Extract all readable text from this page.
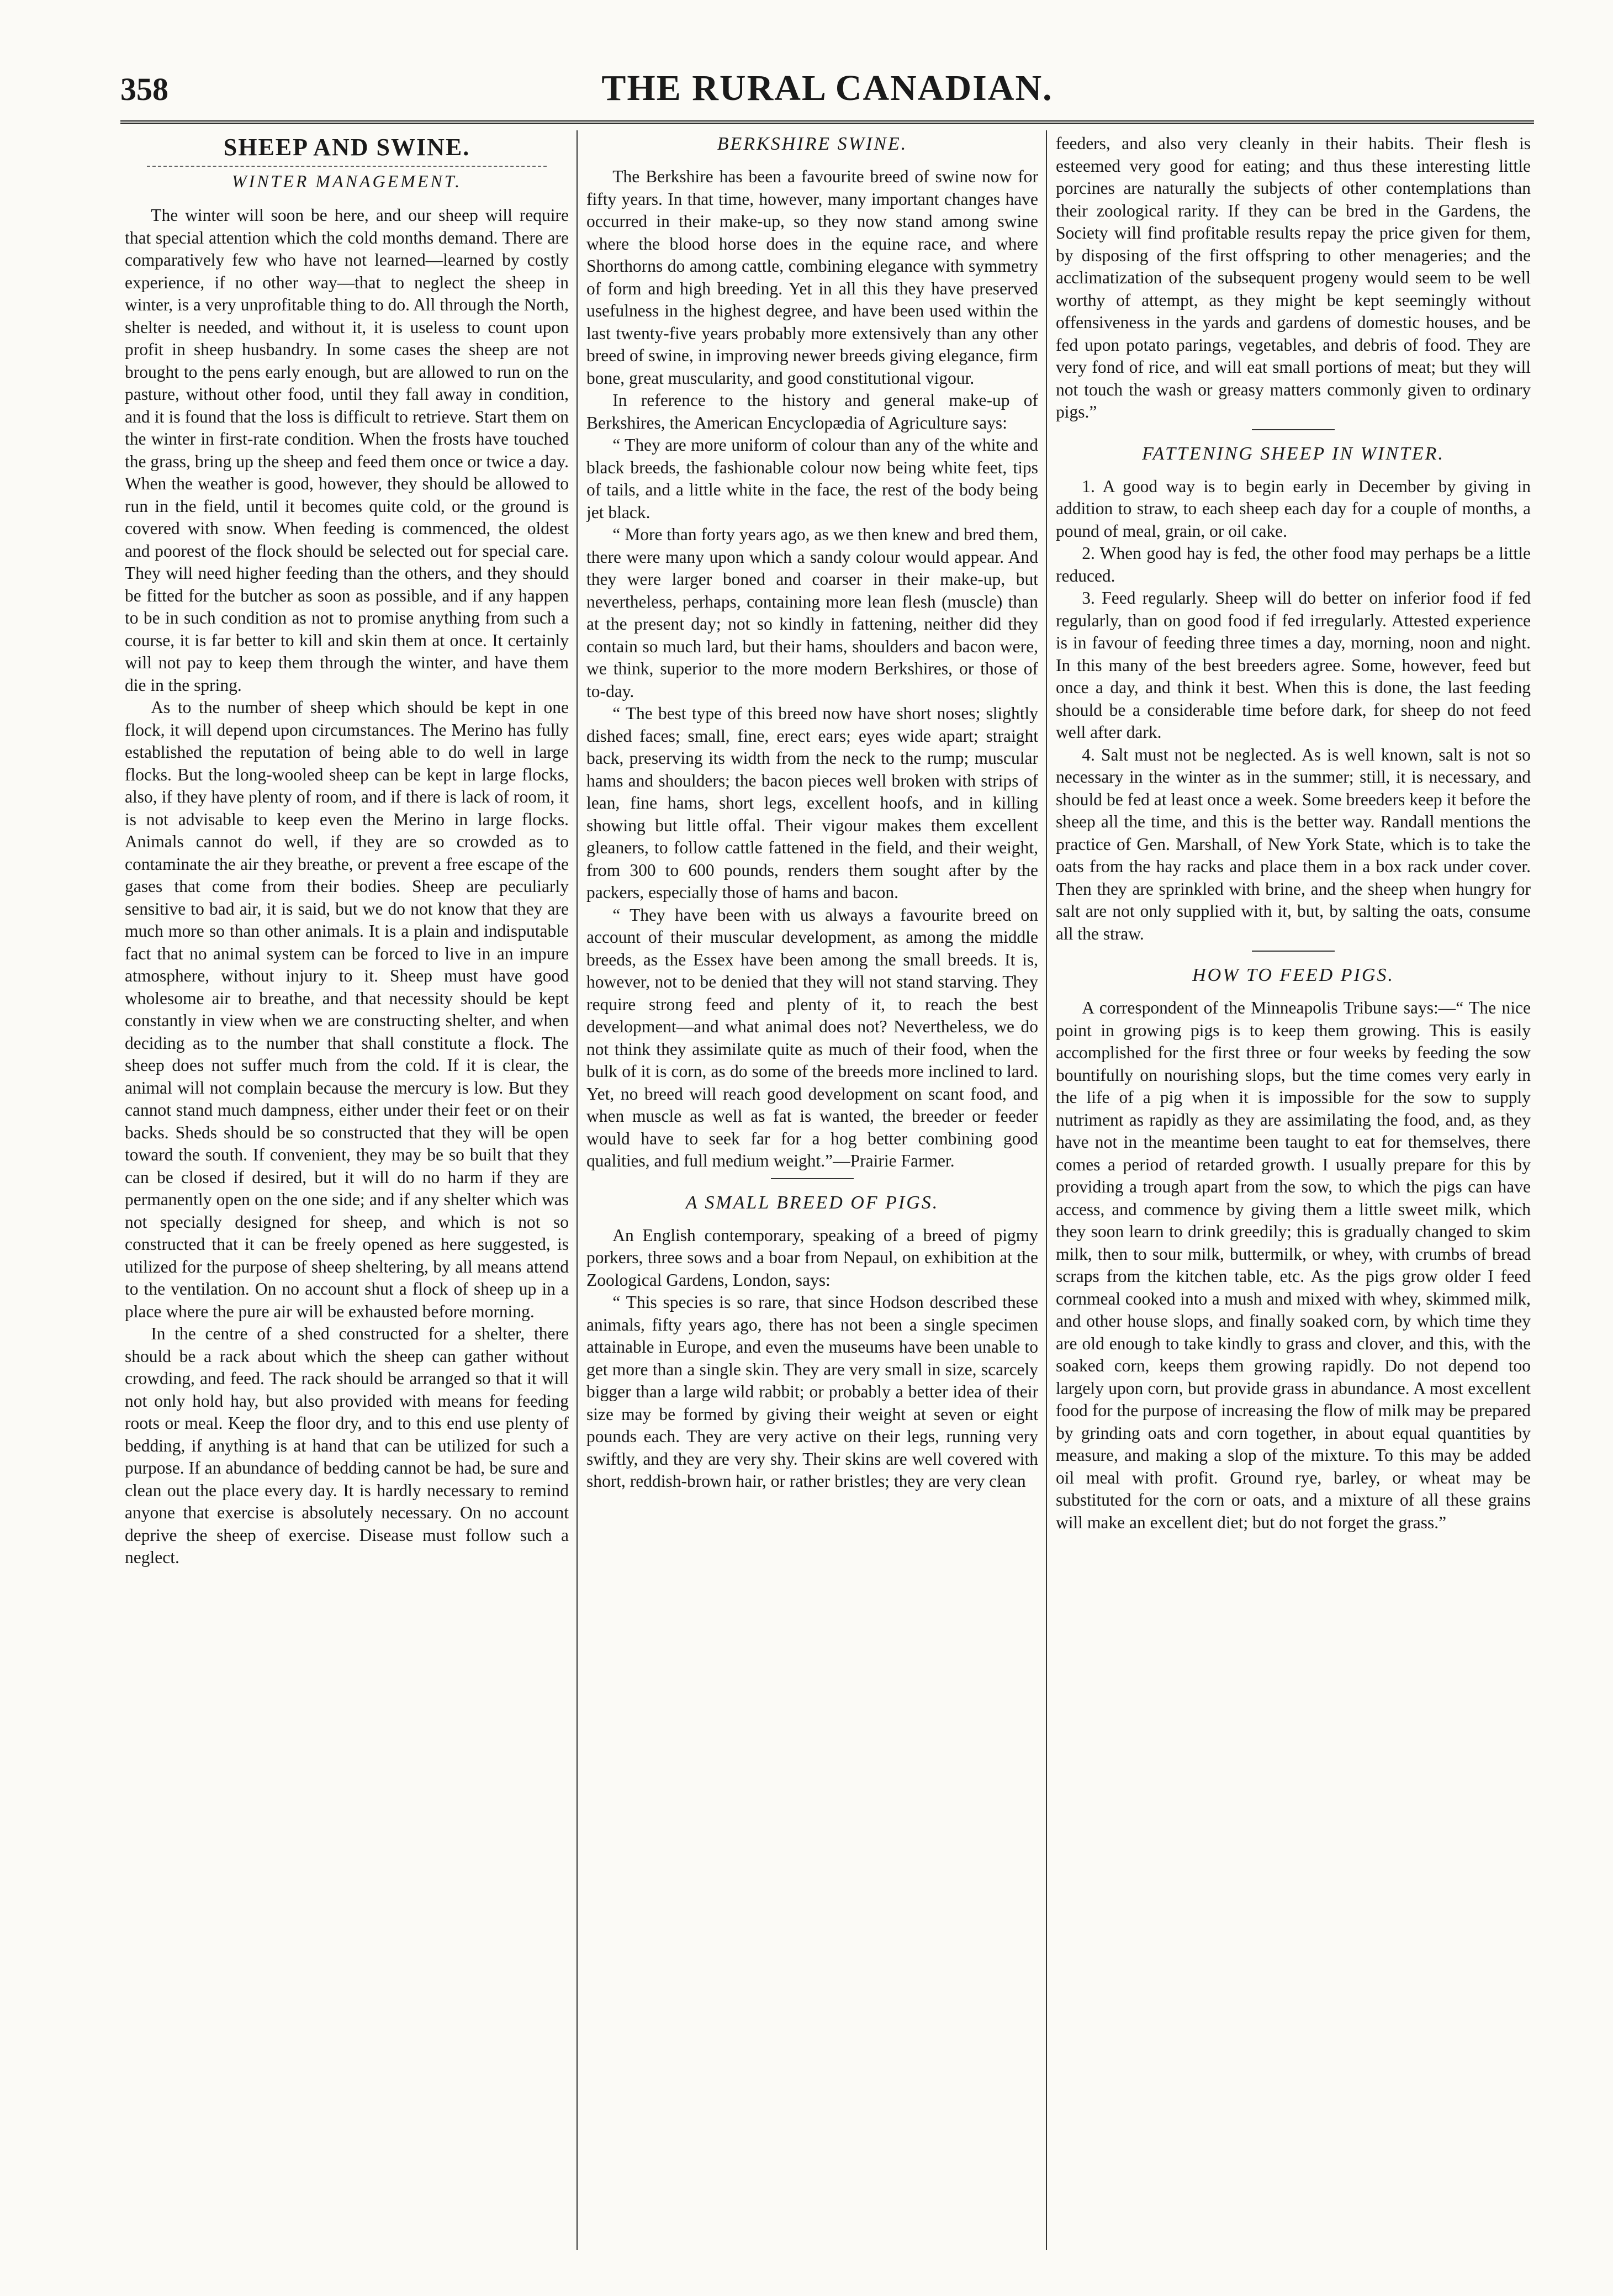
358	THE RURAL CANADIAN.
SHEEP AND SWINE.
WINTER MANAGEMENT.

The winter will soon be here, and our sheep will require that special attention which the cold months demand. There are comparatively few who have not learned—learned by costly experience, if no other way—that to neglect the sheep in winter, is a very unprofitable thing to do. All through the North, shelter is needed, and without it, it is useless to count upon profit in sheep husbandry. In some cases the sheep are not brought to the pens early enough, but are allowed to run on the pasture, without other food, until they fall away in condition, and it is found that the loss is difficult to retrieve. Start them on the winter in first-rate condition. When the frosts have touched the grass, bring up the sheep and feed them once or twice a day. When the weather is good, however, they should be allowed to run in the field, until it becomes quite cold, or the ground is covered with snow. When feeding is commenced, the oldest and poorest of the flock should be selected out for special care. They will need higher feeding than the others, and they should be fitted for the butcher as soon as possible, and if any happen to be in such condition as not to promise anything from such a course, it is far better to kill and skin them at once. It certainly will not pay to keep them through the winter, and have them die in the spring.

As to the number of sheep which should be kept in one flock, it will depend upon circumstances. The Merino has fully established the reputation of being able to do well in large flocks. But the long-wooled sheep can be kept in large flocks, also, if they have plenty of room, and if there is lack of room, it is not advisable to keep even the Merino in large flocks. Animals cannot do well, if they are so crowded as to contaminate the air they breathe, or prevent a free escape of the gases that come from their bodies. Sheep are peculiarly sensitive to bad air, it is said, but we do not know that they are much more so than other animals. It is a plain and indisputable fact that no animal system can be forced to live in an impure atmosphere, without injury to it. Sheep must have good wholesome air to breathe, and that necessity should be kept constantly in view when we are constructing shelter, and when deciding as to the number that shall constitute a flock. The sheep does not suffer much from the cold. If it is clear, the animal will not complain because the mercury is low. But they cannot stand much dampness, either under their feet or on their backs. Sheds should be so constructed that they will be open toward the south. If convenient, they may be so built that they can be closed if desired, but it will do no harm if they are permanently open on the one side; and if any shelter which was not specially designed for sheep, and which is not so constructed that it can be freely opened as here suggested, is utilized for the purpose of sheep sheltering, by all means attend to the ventilation. On no account shut a flock of sheep up in a place where the pure air will be exhausted before morning.

In the centre of a shed constructed for a shelter, there should be a rack about which the sheep can gather without crowding, and feed. The rack should be arranged so that it will not only hold hay, but also provided with means for feeding roots or meal. Keep the floor dry, and to this end use plenty of bedding, if anything is at hand that can be utilized for such a purpose. If an abundance of bedding cannot be had, be sure and clean out the place every day. It is hardly necessary to remind anyone that exercise is absolutely necessary. On no account deprive the sheep of exercise. Disease must follow such a neglect.

BERKSHIRE SWINE.

The Berkshire has been a favourite breed of swine now for fifty years. In that time, however, many important changes have occurred in their make-up, so they now stand among swine where the blood horse does in the equine race, and where Shorthorns do among cattle, combining elegance with symmetry of form and high breeding. Yet in all this they have preserved usefulness in the highest degree, and have been used within the last twenty-five years probably more extensively than any other breed of swine, in improving newer breeds giving elegance, firm bone, great muscularity, and good constitutional vigour.

In reference to the history and general make-up of Berkshires, the American Encyclopædia of Agriculture says:

“ They are more uniform of colour than any of the white and black breeds, the fashionable colour now being white feet, tips of tails, and a little white in the face, the rest of the body being jet black.

“ More than forty years ago, as we then knew and bred them, there were many upon which a sandy colour would appear. And they were larger boned and coarser in their make-up, but nevertheless, perhaps, containing more lean flesh (muscle) than at the present day; not so kindly in fattening, neither did they contain so much lard, but their hams, shoulders and bacon were, we think, superior to the more modern Berkshires, or those of to-day.

“ The best type of this breed now have short noses; slightly dished faces; small, fine, erect ears; eyes wide apart; straight back, preserving its width from the neck to the rump; muscular hams and shoulders; the bacon pieces well broken with strips of lean, fine hams, short legs, excellent hoofs, and in killing showing but little offal. Their vigour makes them excellent gleaners, to follow cattle fattened in the field, and their weight, from 300 to 600 pounds, renders them sought after by the packers, especially those of hams and bacon.

“ They have been with us always a favourite breed on account of their muscular development, as among the middle breeds, as the Essex have been among the small breeds. It is, however, not to be denied that they will not stand starving. They require strong feed and plenty of it, to reach the best development—and what animal does not? Nevertheless, we do not think they assimilate quite as much of their food, when the bulk of it is corn, as do some of the breeds more inclined to lard. Yet, no breed will reach good development on scant food, and when muscle as well as fat is wanted, the breeder or feeder would have to seek far for a hog better combining good qualities, and full medium weight.”—Prairie Farmer.

A SMALL BREED OF PIGS.

An English contemporary, speaking of a breed of pigmy porkers, three sows and a boar from Nepaul, on exhibition at the Zoological Gardens, London, says:

“ This species is so rare, that since Hodson described these animals, fifty years ago, there has not been a single specimen attainable in Europe, and even the museums have been unable to get more than a single skin. They are very small in size, scarcely bigger than a large wild rabbit; or probably a better idea of their size may be formed by giving their weight at seven or eight pounds each. They are very active on their legs, running very swiftly, and they are very shy. Their skins are well covered with short, reddish-brown hair, or rather bristles; they are very clean

feeders, and also very cleanly in their habits. Their flesh is esteemed very good for eating; and thus these interesting little porcines are naturally the subjects of other contemplations than their zoological rarity. If they can be bred in the Gardens, the Society will find profitable results repay the price given for them, by disposing of the first offspring to other menageries; and the acclimatization of the subsequent progeny would seem to be well worthy of attempt, as they might be kept seemingly without offensiveness in the yards and gardens of domestic houses, and be fed upon potato parings, vegetables, and debris of food. They are very fond of rice, and will eat small portions of meat; but they will not touch the wash or greasy matters commonly given to ordinary pigs.”

FATTENING SHEEP IN WINTER.

1. A good way is to begin early in December by giving in addition to straw, to each sheep each day for a couple of months, a pound of meal, grain, or oil cake.

2. When good hay is fed, the other food may perhaps be a little reduced.

3. Feed regularly. Sheep will do better on inferior food if fed regularly, than on good food if fed irregularly. Attested experience is in favour of feeding three times a day, morning, noon and night. In this many of the best breeders agree. Some, however, feed but once a day, and think it best. When this is done, the last feeding should be a considerable time before dark, for sheep do not feed well after dark.

4. Salt must not be neglected. As is well known, salt is not so necessary in the winter as in the summer; still, it is necessary, and should be fed at least once a week. Some breeders keep it before the sheep all the time, and this is the better way. Randall mentions the practice of Gen. Marshall, of New York State, which is to take the oats from the hay racks and place them in a box rack under cover. Then they are sprinkled with brine, and the sheep when hungry for salt are not only supplied with it, but, by salting the oats, consume all the straw.

HOW TO FEED PIGS.

A correspondent of the Minneapolis Tribune says:—“ The nice point in growing pigs is to keep them growing. This is easily accomplished for the first three or four weeks by feeding the sow bountifully on nourishing slops, but the time comes very early in the life of a pig when it is impossible for the sow to supply nutriment as rapidly as they are assimilating the food, and, as they have not in the meantime been taught to eat for themselves, there comes a period of retarded growth. I usually prepare for this by providing a trough apart from the sow, to which the pigs can have access, and commence by giving them a little sweet milk, which they soon learn to drink greedily; this is gradually changed to skim milk, then to sour milk, buttermilk, or whey, with crumbs of bread scraps from the kitchen table, etc. As the pigs grow older I feed cornmeal cooked into a mush and mixed with whey, skimmed milk, and other house slops, and finally soaked corn, by which time they are old enough to take kindly to grass and clover, and this, with the soaked corn, keeps them growing rapidly. Do not depend too largely upon corn, but provide grass in abundance. A most excellent food for the purpose of increasing the flow of milk may be prepared by grinding oats and corn together, in about equal quantities by measure, and making a slop of the mixture. To this may be added oil meal with profit. Ground rye, barley, or wheat may be substituted for the corn or oats, and a mixture of all these grains will make an excellent diet; but do not forget the grass.”
